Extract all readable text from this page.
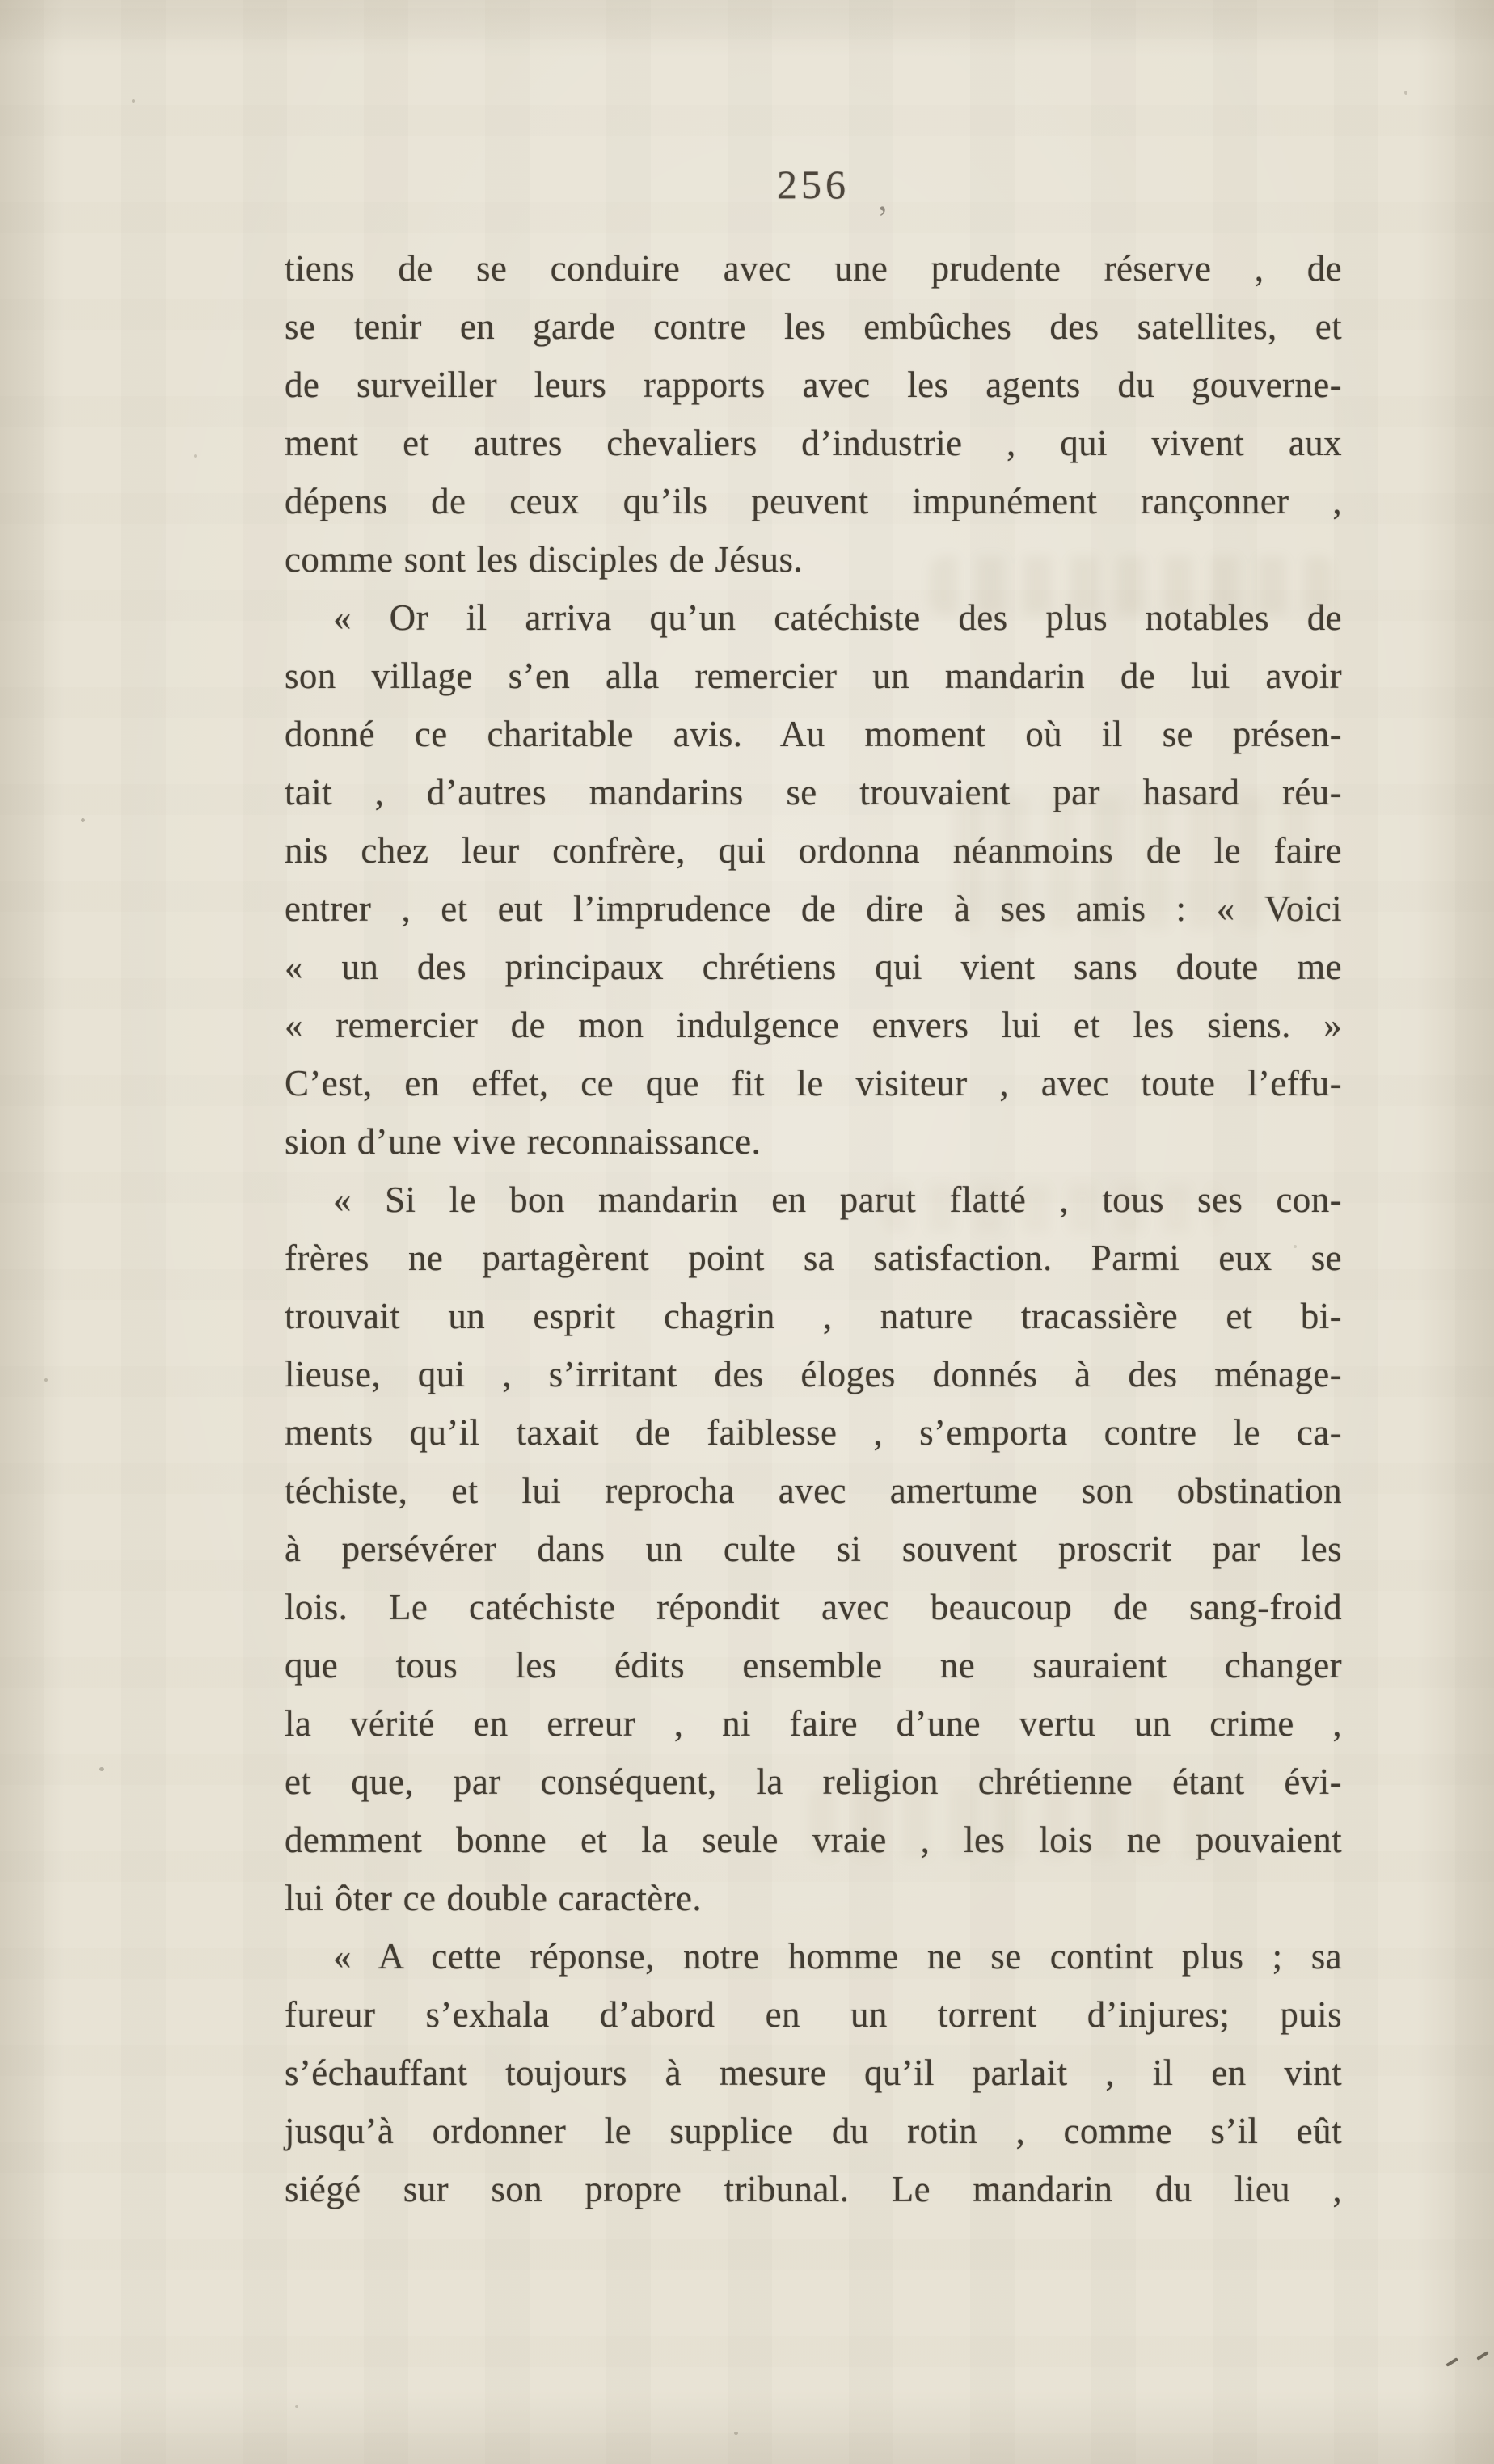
256 ,
tiens de se conduire avec une prudente réserve , de
se tenir en garde contre les embûches des satellites, et
de surveiller leurs rapports avec les agents du gouverne-
ment et autres chevaliers d’industrie , qui vivent aux
dépens de ceux qu’ils peuvent impunément rançonner ,
comme sont les disciples de Jésus.
« Or il arriva qu’un catéchiste des plus notables de
son village s’en alla remercier un mandarin de lui avoir
donné ce charitable avis. Au moment où il se présen-
tait , d’autres mandarins se trouvaient par hasard réu-
nis chez leur confrère, qui ordonna néanmoins de le faire
entrer , et eut l’imprudence de dire à ses amis : « Voici
« un des principaux chrétiens qui vient sans doute me
« remercier de mon indulgence envers lui et les siens. »
C’est, en effet, ce que fit le visiteur , avec toute l’effu-
sion d’une vive reconnaissance.
« Si le bon mandarin en parut flatté , tous ses con-
frères ne partagèrent point sa satisfaction. Parmi eux se
trouvait un esprit chagrin , nature tracassière et bi-
lieuse, qui , s’irritant des éloges donnés à des ménage-
ments qu’il taxait de faiblesse , s’emporta contre le ca-
téchiste, et lui reprocha avec amertume son obstination
à persévérer dans un culte si souvent proscrit par les
lois. Le catéchiste répondit avec beaucoup de sang-froid
que tous les édits ensemble ne sauraient changer
la vérité en erreur , ni faire d’une vertu un crime ,
et que, par conséquent, la religion chrétienne étant évi-
demment bonne et la seule vraie , les lois ne pouvaient
lui ôter ce double caractère.
« A cette réponse, notre homme ne se contint plus ; sa
fureur s’exhala d’abord en un torrent d’injures; puis
s’échauffant toujours à mesure qu’il parlait , il en vint
jusqu’à ordonner le supplice du rotin , comme s’il eût
siégé sur son propre tribunal. Le mandarin du lieu ,
